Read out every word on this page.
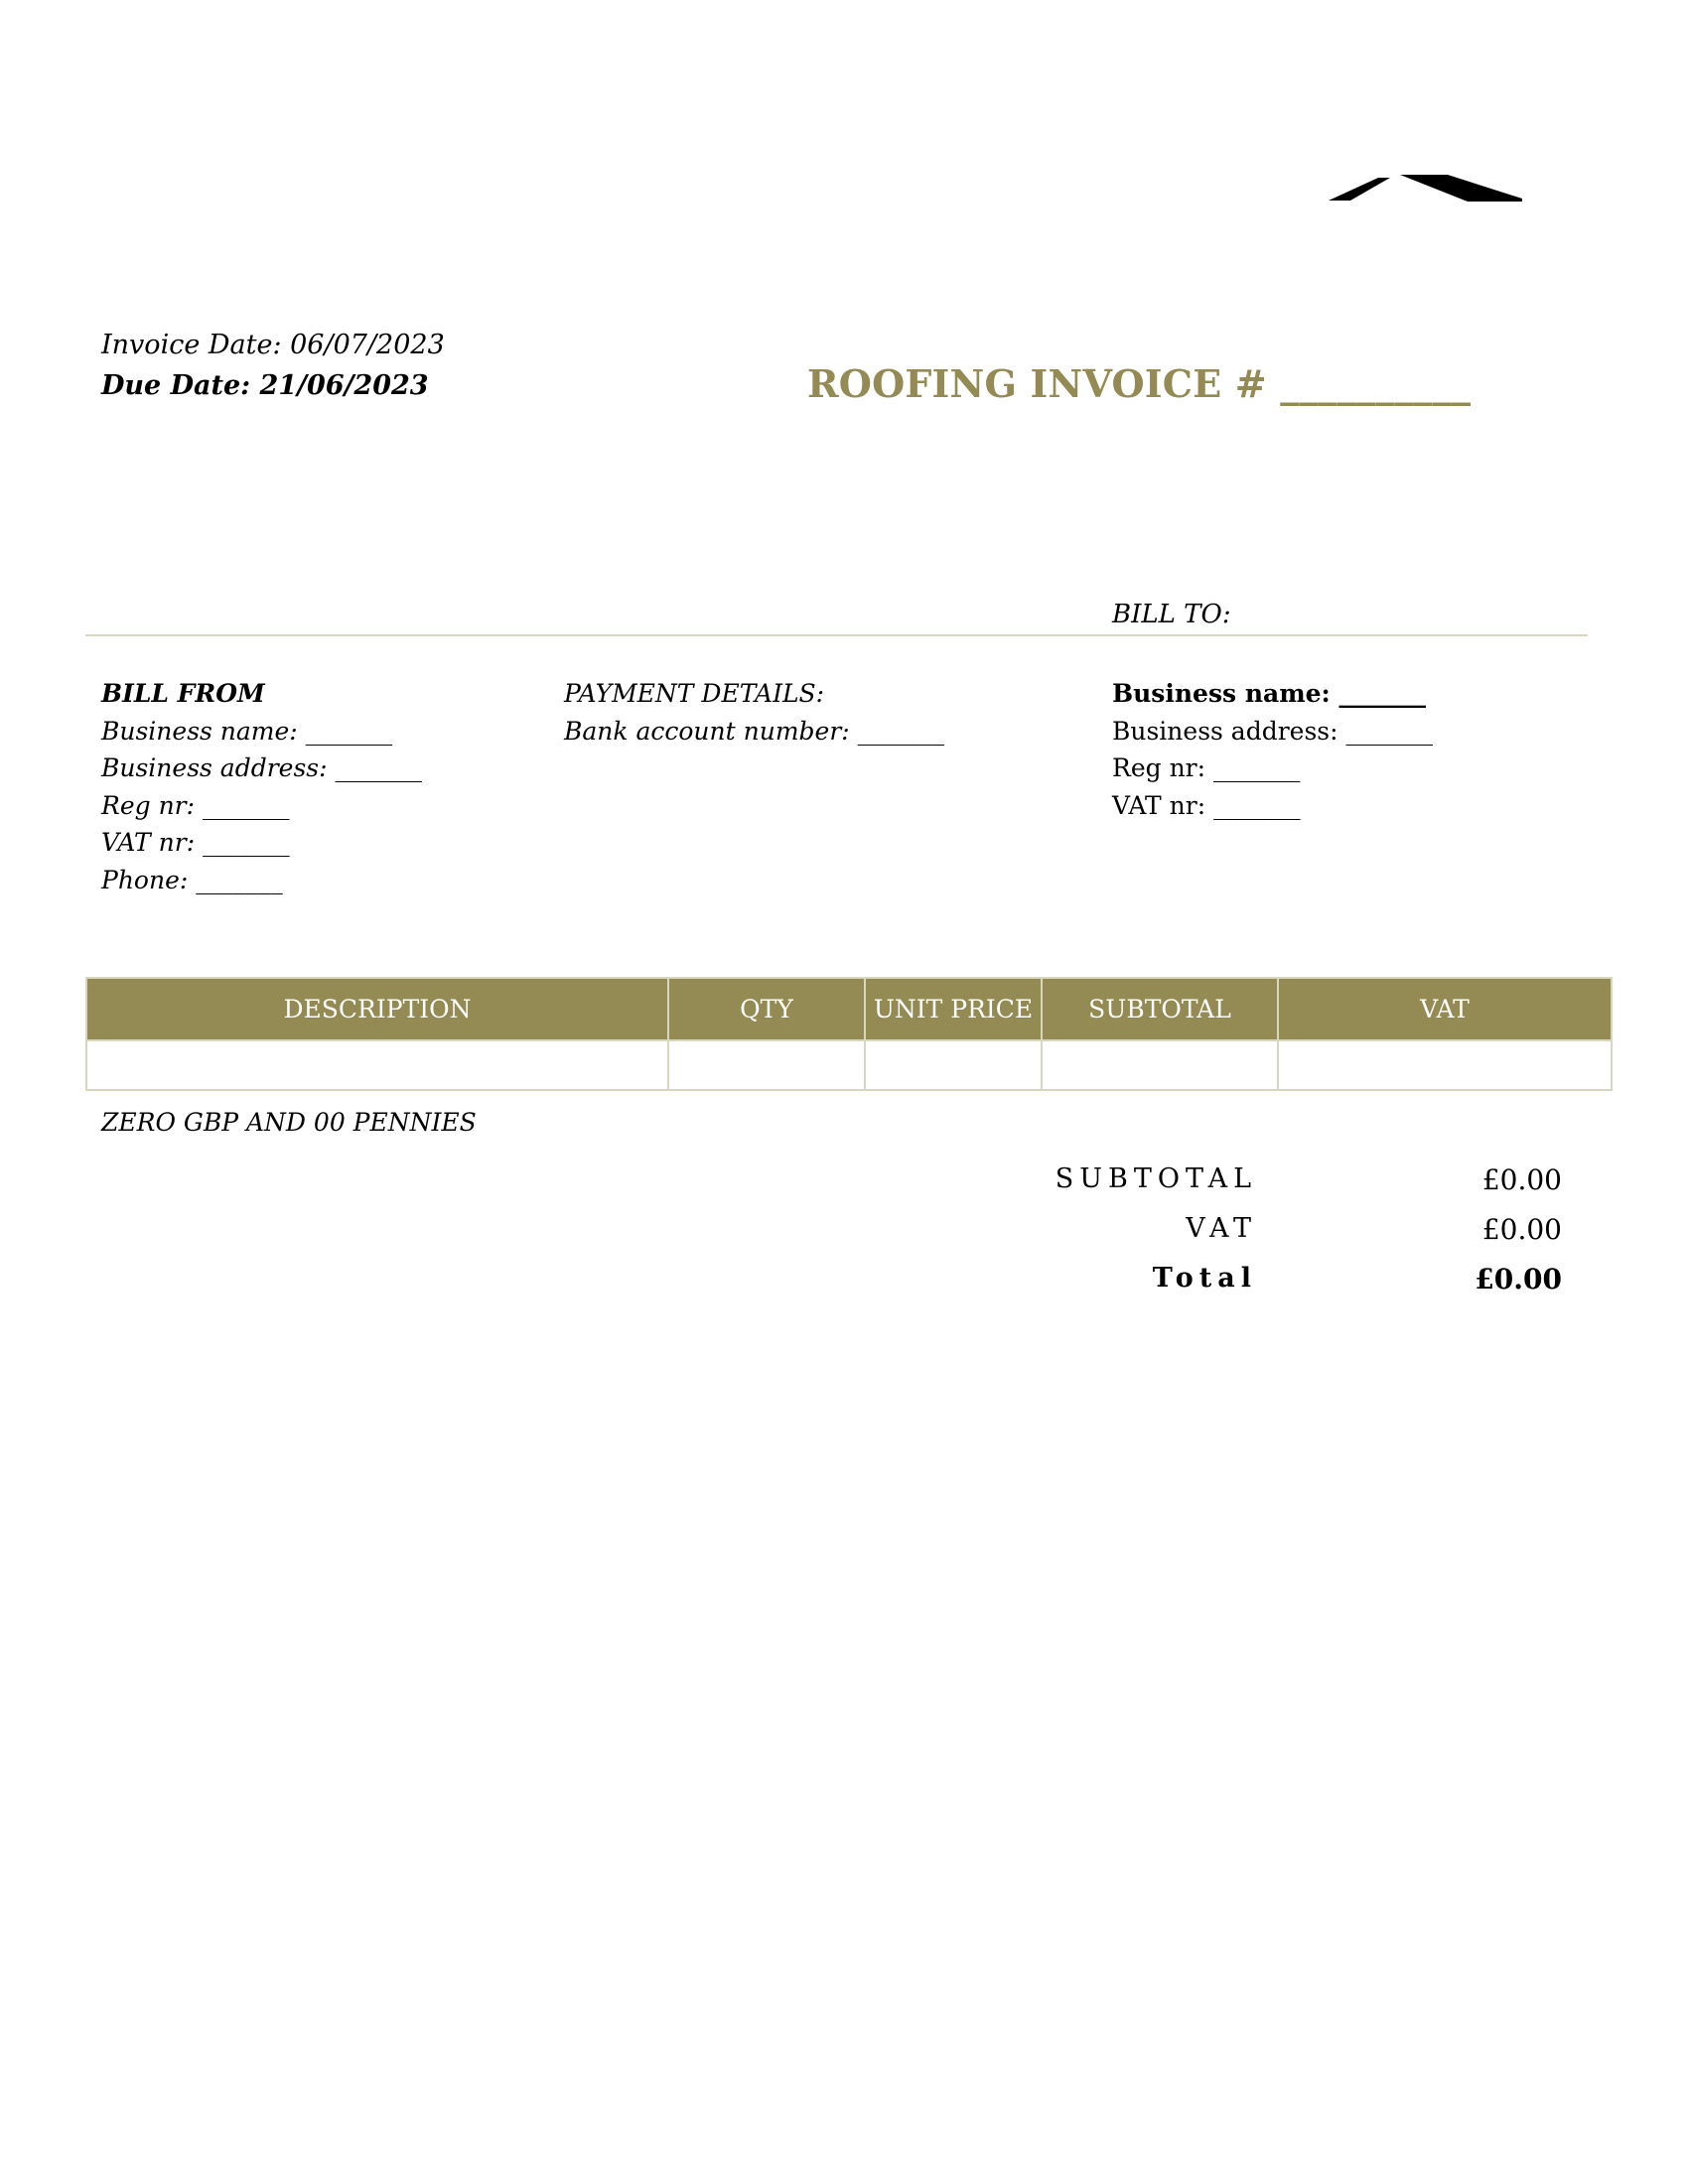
Invoice Date: 06/07/2023
Due Date: 21/06/2023	ROOFING INVOICE # __________
BILL TO:
BILL FROM
Business name: _______
Business address: _______
Reg nr: _______
VAT nr: _______
Phone: _______
PAYMENT DETAILS:
Bank account number: _______
Business name: _______
Business address: _______
Reg nr: _______
VAT nr: _______
DESCRIPTION	QTY	UNIT PRICE	SUBTOTAL	VAT

ZERO GBP AND 00 PENNIES
SUBTOTAL	£0.00
VAT	£0.00
Total	£0.00
